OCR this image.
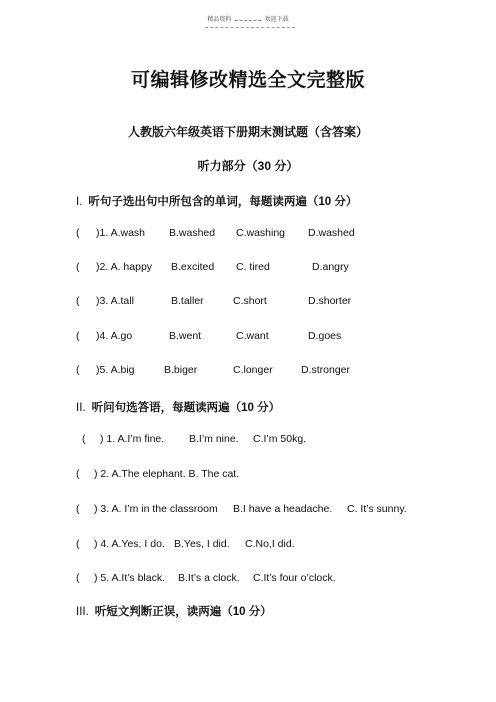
精品资料	欢迎下载
可编辑修改精选全文完整版
人教版六年级英语下册期末测试题（含答案）
听力部分（30 分）
I. 听句子选出句中所包含的单词，每题读两遍（10 分）
( )1. A.wash B.washed C.washing D.washed
( )2. A. happy B.excited C. tired	D.angry
( )3. A.tall	B.taller	C.short	D.shorter
( )4. A.go	B.went	C.want	D.goes
( )5. A.big	B.biger	C.longer	D.stronger
II. 听问句选答语，每题读两遍（10 分）
( ) 1. A.I’m fine. B.I’m nine. C.I’m 50kg.
( ) 2. A.The elephant. B. The cat.
( ) 3. A. I’m in the classroom B.I have a headache. C. It’s sunny.
( ) 4. A.Yes, I do. B.Yes, I did. C.No,I did.
( ) 5. A.It’s black. B.It’s a clock. C.It’s four o’clock.
III. 听短文判断正误，读两遍（10 分）
